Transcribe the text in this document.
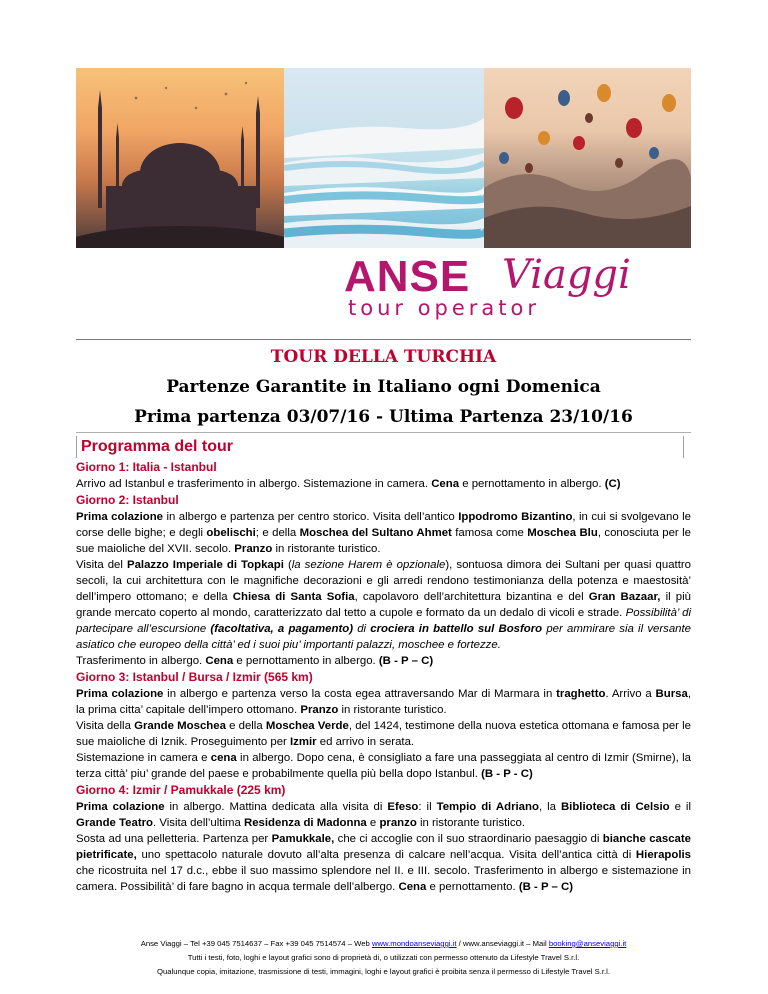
ANSE Viaggi
tour operator
TOUR DELLA TURCHIA
Partenze Garantite in Italiano ogni Domenica
Prima partenza 03/07/16 - Ultima Partenza 23/10/16
Programma del tour
Giorno 1: Italia - Istanbul

Arrivo ad Istanbul e trasferimento in albergo. Sistemazione in camera. Cena e pernottamento in albergo. (C)

Giorno 2: Istanbul

Prima colazione in albergo e partenza per centro storico. Visita dell’antico Ippodromo Bizantino, in cui si svolgevano le corse delle bighe; e degli obelischi; e della Moschea del Sultano Ahmet famosa come Moschea Blu, conosciuta per le sue maioliche del XVII. secolo. Pranzo in ristorante turistico.

Visita del Palazzo Imperiale di Topkapi (la sezione Harem è opzionale), sontuosa dimora dei Sultani per quasi quattro secoli, la cui architettura con le magnifiche decorazioni e gli arredi rendono testimonianza della potenza e maestosità’ dell’impero ottomano; e della Chiesa di Santa Sofia, capolavoro dell’architettura bizantina e del Gran Bazaar, il più grande mercato coperto al mondo, caratterizzato dal tetto a cupole e formato da un dedalo di vicoli e strade. Possibilità’ di partecipare all’escursione (facoltativa, a pagamento) di crociera in battello sul Bosforo per ammirare sia il versante asiatico che europeo della città’ ed i suoi piu’ importanti palazzi, moschee e fortezze.

Trasferimento in albergo. Cena e pernottamento in albergo. (B - P – C)

Giorno 3: Istanbul / Bursa / Izmir (565 km)

Prima colazione in albergo e partenza verso la costa egea attraversando Mar di Marmara in traghetto. Arrivo a Bursa, la prima citta’ capitale dell’impero ottomano. Pranzo in ristorante turistico.

Visita della Grande Moschea e della Moschea Verde, del 1424, testimone della nuova estetica ottomana e famosa per le sue maioliche di Iznik. Proseguimento per Izmir ed arrivo in serata.

Sistemazione in camera e cena in albergo. Dopo cena, è consigliato a fare una passeggiata al centro di Izmir (Smirne), la terza città’ piu’ grande del paese e probabilmente quella più bella dopo Istanbul. (B - P - C)

Giorno 4: Izmir / Pamukkale (225 km)

Prima colazione in albergo. Mattina dedicata alla visita di Efeso: il Tempio di Adriano, la Biblioteca di Celsio e il Grande Teatro. Visita dell’ultima Residenza di Madonna e pranzo in ristorante turistico.

Sosta ad una pelletteria. Partenza per Pamukkale, che ci accoglie con il suo straordinario paesaggio di bianche cascate pietrificate, uno spettacolo naturale dovuto all’alta presenza di calcare nell’acqua. Visita dell’antica città di Hierapolis che ricostruita nel 17 d.c., ebbe il suo massimo splendore nel II. e III. secolo. Trasferimento in albergo e sistemazione in camera. Possibilità’ di fare bagno in acqua termale dell’albergo. Cena e pernottamento. (B - P – C)

Anse Viaggi – Tel +39 045 7514637 – Fax +39 045 7514574 – Web www.mondoanseviaggi.it / www.anseviaggi.it – Mail booking@anseviaggi.it
Tutti i testi, foto, loghi e layout grafici sono di proprietà di, o utilizzati con permesso ottenuto da Lifestyle Travel S.r.l.
Qualunque copia, imitazione, trasmissione di testi, immagini, loghi e layout grafici è proibita senza il permesso di Lifestyle Travel S.r.l.
